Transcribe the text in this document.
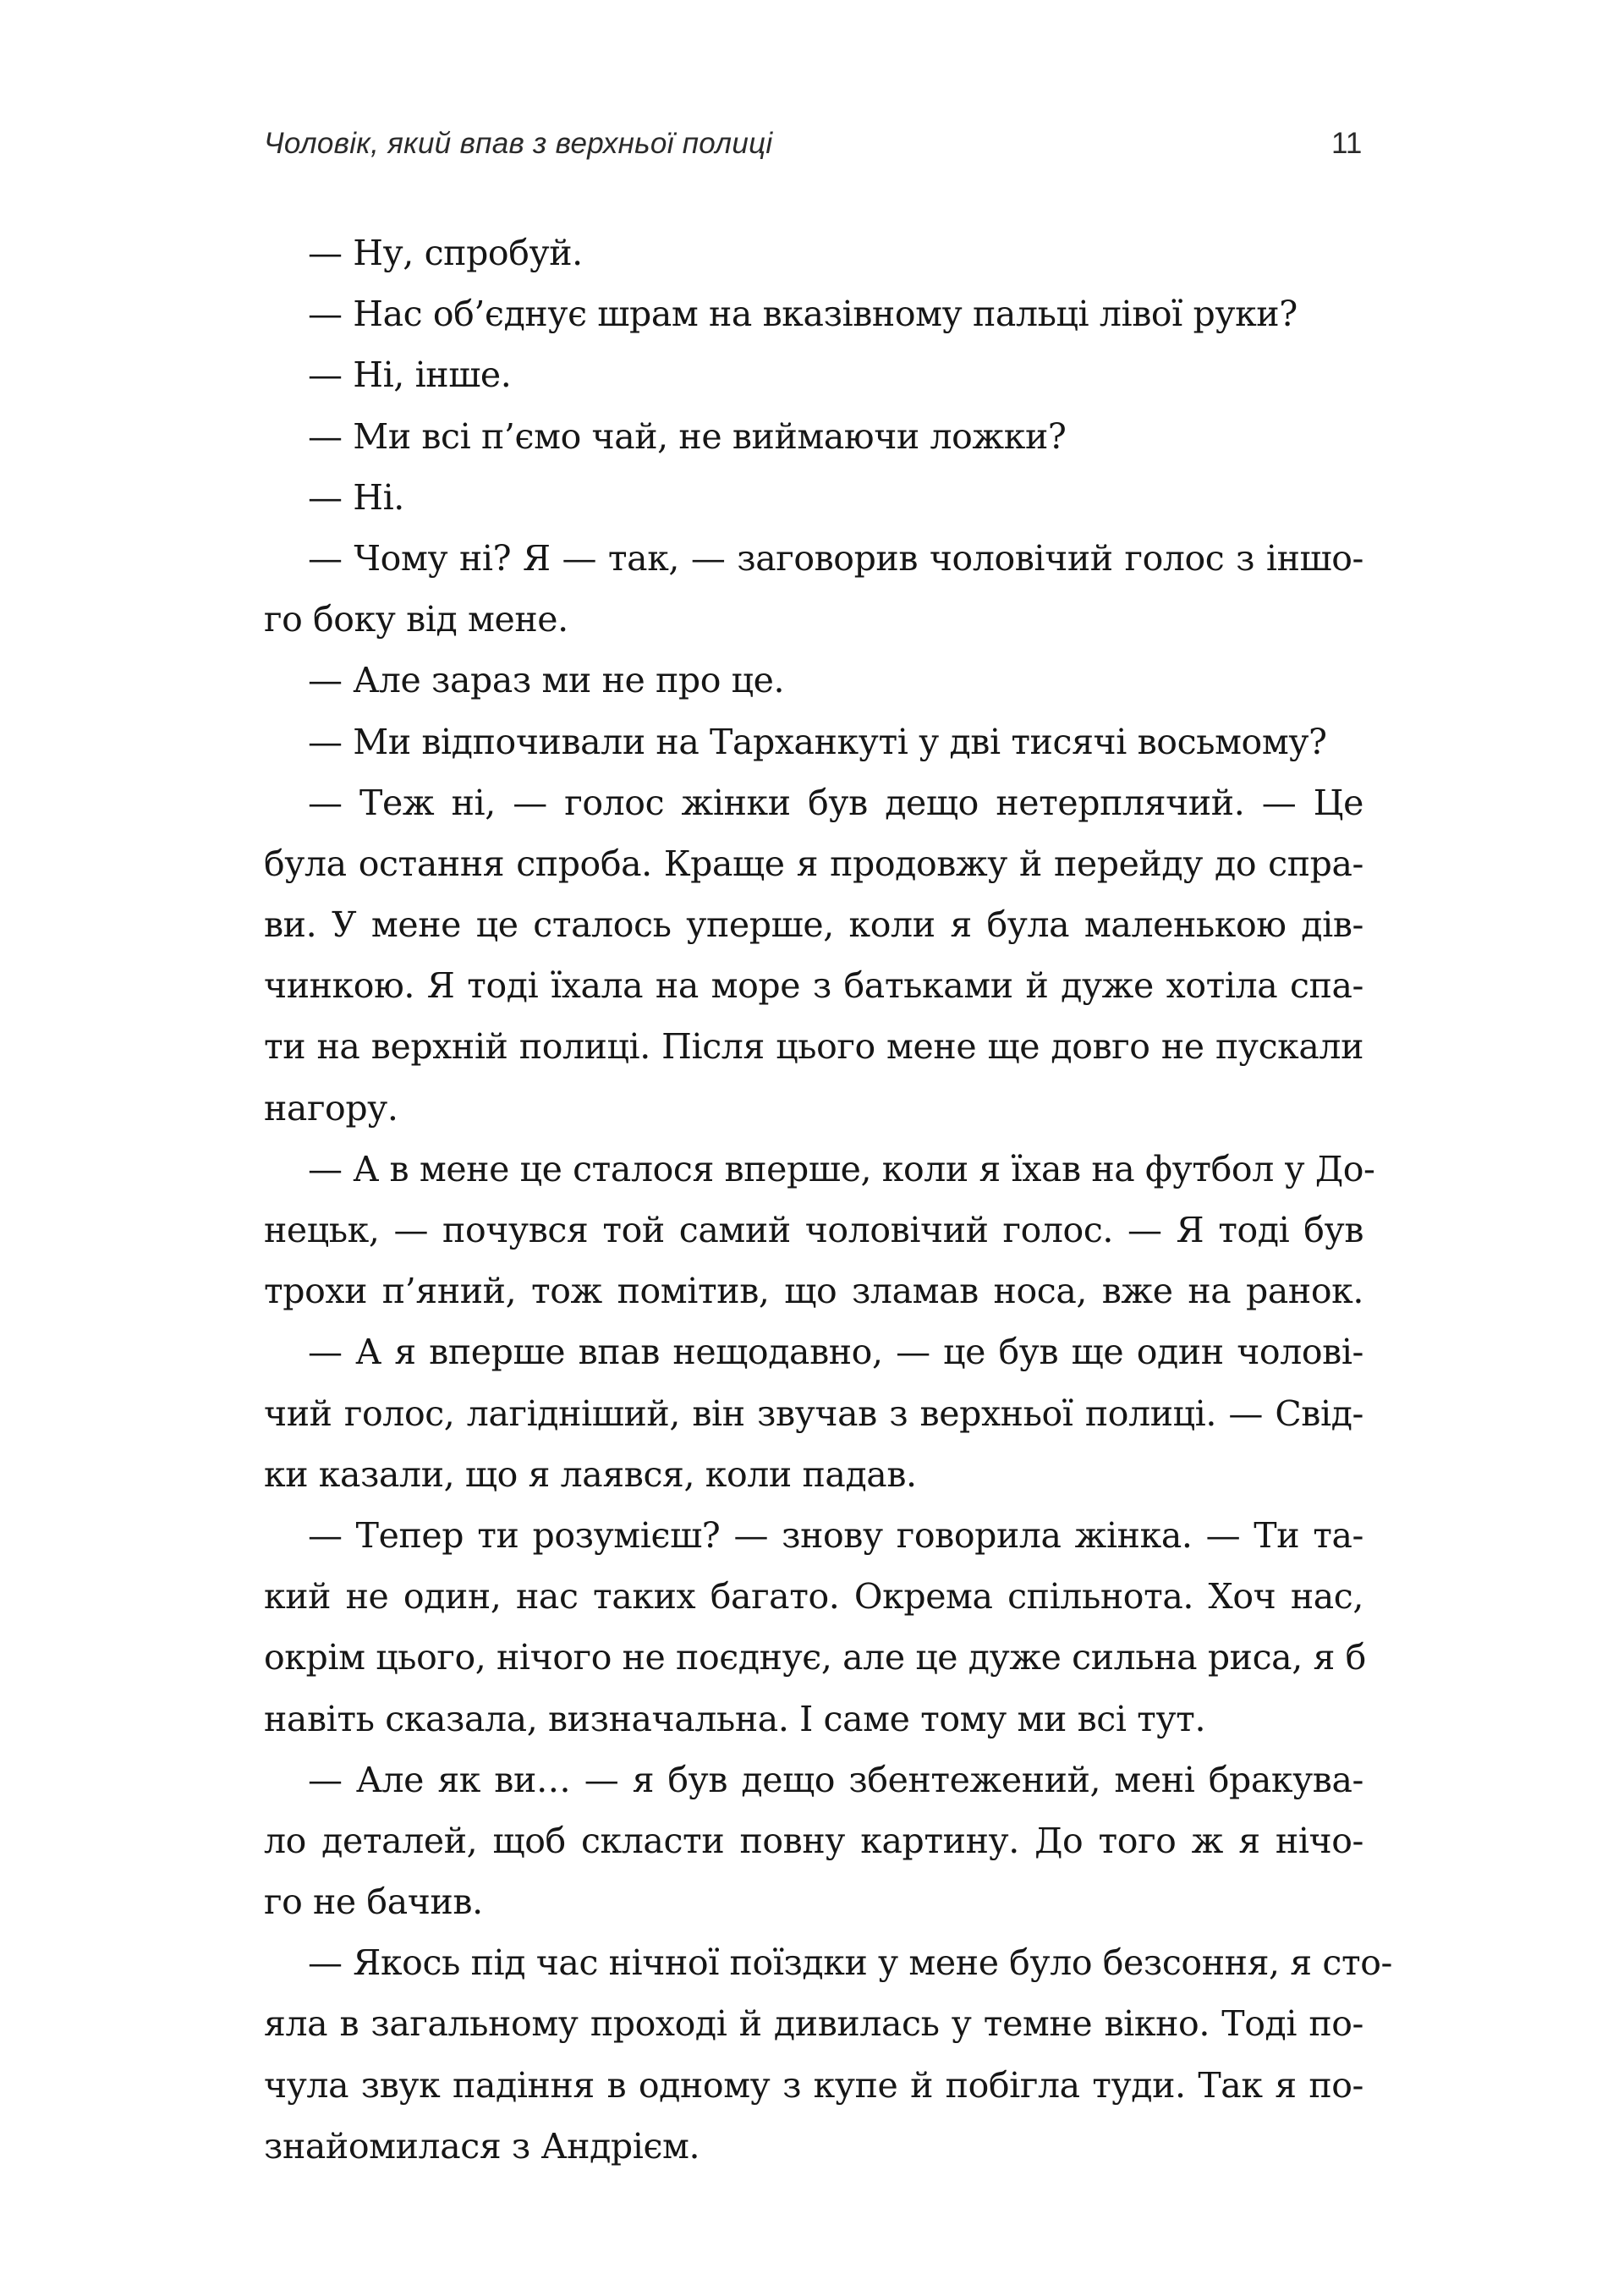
Чоловік, який впав з верхньої полиці	11
— Ну, спробуй.
— Нас об’єднує шрам на вказівному пальці лівої руки?
— Ні, інше.
— Ми всі п’ємо чай, не виймаючи ложки?
— Ні.
— Чому ні? Я — так, — заговорив чоловічий голос з іншо-
го боку від мене.
— Але зараз ми не про це.
— Ми відпочивали на Тарханкуті у дві тисячі восьмому?
— Теж ні, — голос жінки був дещо нетерплячий. — Це
була остання спроба. Краще я продовжу й перейду до спра-
ви. У мене це сталось уперше, коли я була маленькою дів-
чинкою. Я тоді їхала на море з батьками й дуже хотіла спа-
ти на верхній полиці. Після цього мене ще довго не пускали
нагору.
— А в мене це сталося вперше, коли я їхав на футбол у До-
нецьк, — почувся той самий чоловічий голос. — Я тоді був
трохи п’яний, тож помітив, що зламав носа, вже на ранок.
— А я вперше впав нещодавно, — це був ще один чолові-
чий голос, лагідніший, він звучав з верхньої полиці. — Свід-
ки казали, що я лаявся, коли падав.
— Тепер ти розумієш? — знову говорила жінка. — Ти та-
кий не один, нас таких багато. Окрема спільнота. Хоч нас,
окрім цього, нічого не поєднує, але це дуже сильна риса, я б
навіть сказала, визначальна. І саме тому ми всі тут.
— Але як ви… — я був дещо збентежений, мені бракува-
ло деталей, щоб скласти повну картину. До того ж я нічо-
го не бачив.
— Якось під час нічної поїздки у мене було безсоння, я сто-
яла в загальному проході й дивилась у темне вікно. Тоді по-
чула звук падіння в одному з купе й побігла туди. Так я по-
знайомилася з Андрієм.
